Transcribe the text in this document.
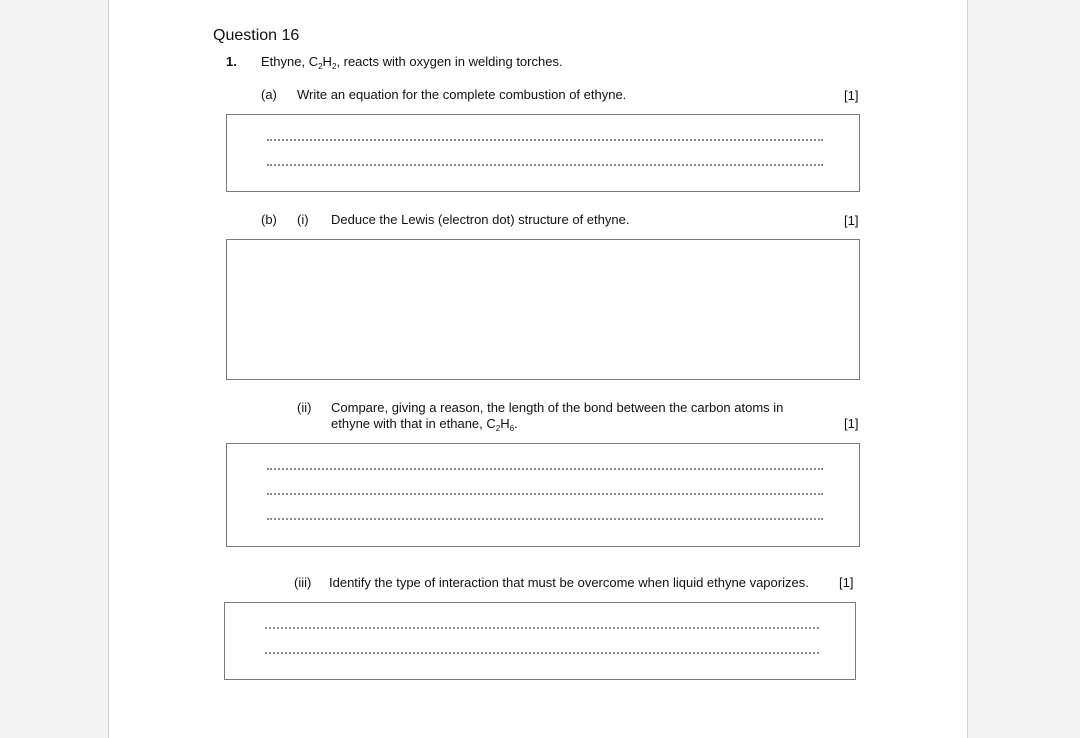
Question 16
1. Ethyne, $C_2H_2$, reacts with oxygen in welding torches.
(a) Write an equation for the complete combustion of ethyne.	[1]
(b) (i) Deduce the Lewis (electron dot) structure of ethyne.	[1]
(ii) Compare, giving a reason, the length of the bond between the carbon atoms in
ethyne with that in ethane, $C_2H_6$.	[1]
(iii) Identify the type of interaction that must be overcome when liquid ethyne vaporizes. [1]
